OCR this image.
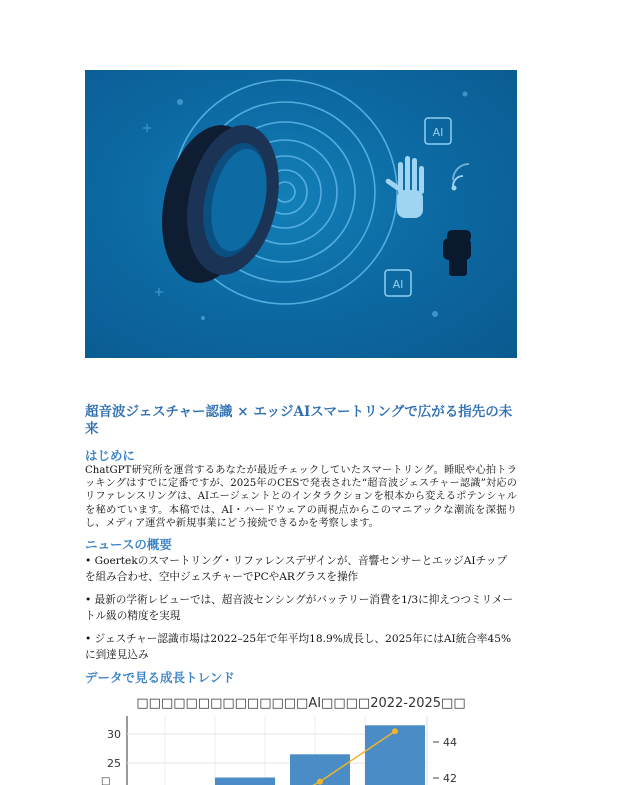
AI
AI
超音波ジェスチャー認識 × エッジAIスマートリングで広がる指先の未来
はじめに

ChatGPT研究所を運営するあなたが最近チェックしていたスマートリング。睡眠や心拍トラッキングはすでに定番ですが、2025年のCESで発表された“超音波ジェスチャー認識”対応のリファレンスリングは、AIエージェントとのインタラクションを根本から変えるポテンシャルを秘めています。本稿では、AI・ハードウェアの両視点からこのマニアックな潮流を深掘りし、メディア運営や新規事業にどう接続できるかを考察します。

ニュースの概要

• Goertekのスマートリング・リファレンスデザインが、音響センサーとエッジAIチップを組み合わせ、空中ジェスチャーでPCやARグラスを操作

• 最新の学術レビューでは、超音波センシングがバッテリー消費を1/3に抑えつつミリメートル級の精度を実現

• ジェスチャー認識市場は2022–25年で年平均18.9%成長し、2025年にはAI統合率45%に到達見込み

データで見る成長トレンド
□□□□□□□□□□□□□□AI□□□□2022-2025□□
30
25
44
42
□
